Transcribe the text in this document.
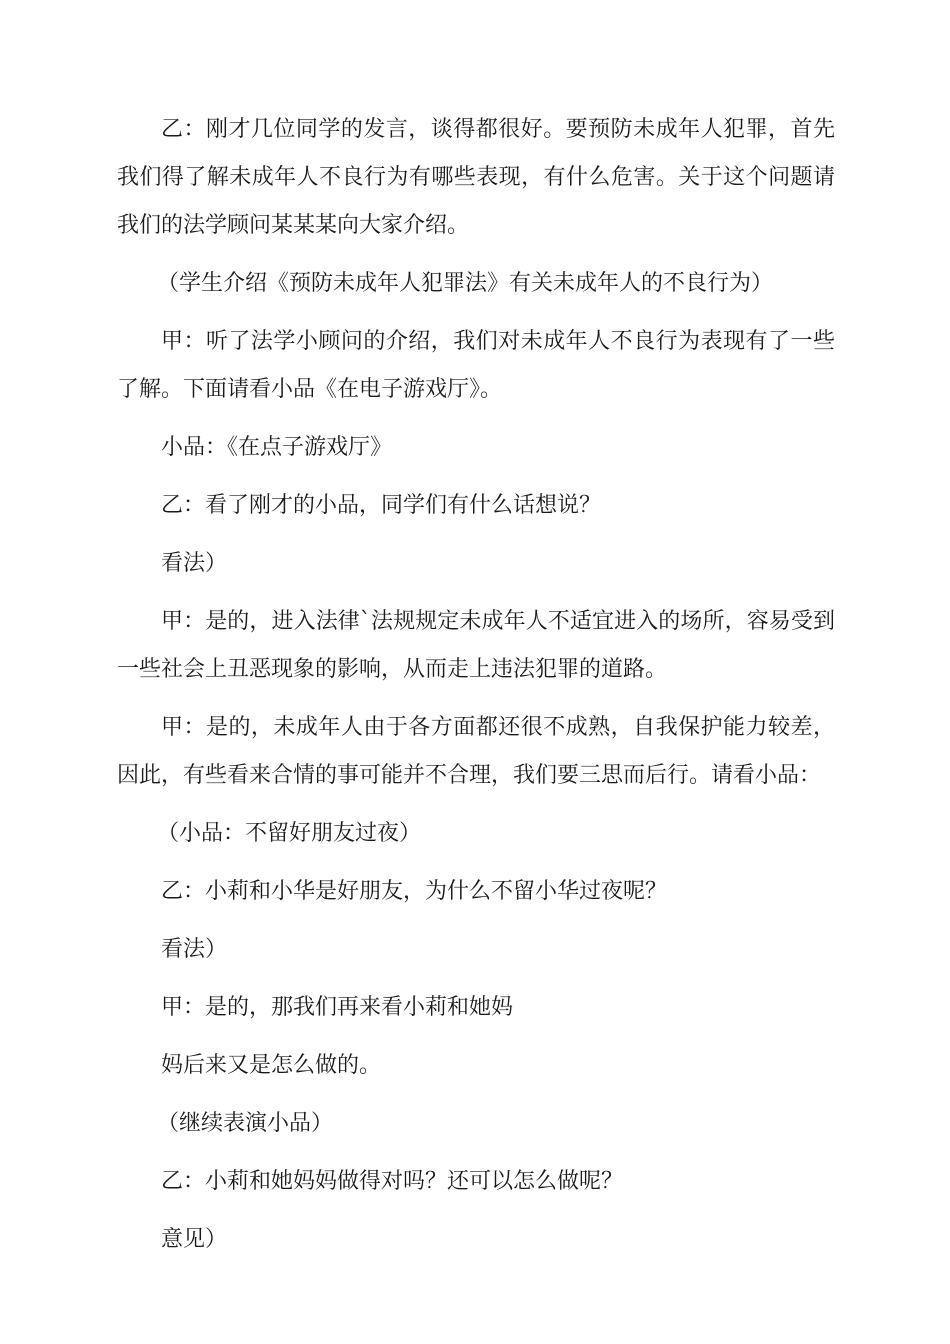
乙：刚才几位同学的发言，谈得都很好。要预防未成年人犯罪，首先我们得了解未成年人不良行为有哪些表现，有什么危害。关于这个问题请我们的法学顾问某某某向大家介绍。

（学生介绍《预防未成年人犯罪法》有关未成年人的不良行为）

甲：听了法学小顾问的介绍，我们对未成年人不良行为表现有了一些了解。下面请看小品《在电子游戏厅》。

小品：《在点子游戏厅》

乙：看了刚才的小品，同学们有什么话想说？

看法）

甲：是的，进入法律`法规规定未成年人不适宜进入的场所，容易受到一些社会上丑恶现象的影响，从而走上违法犯罪的道路。

甲：是的，未成年人由于各方面都还很不成熟，自我保护能力较差，因此，有些看来合情的事可能并不合理，我们要三思而后行。请看小品：

（小品：不留好朋友过夜）

乙：小莉和小华是好朋友，为什么不留小华过夜呢？

看法）

甲：是的，那我们再来看小莉和她妈

妈后来又是怎么做的。

（继续表演小品）

乙：小莉和她妈妈做得对吗？还可以怎么做呢？

意见）
